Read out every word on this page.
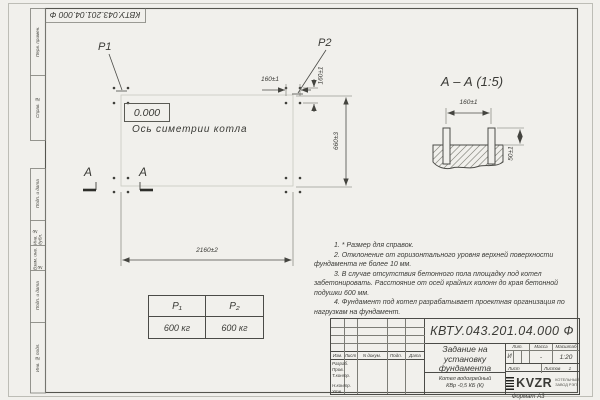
КВТУ.043.201.04.000 Ф
Перв. примен.
Справ. №
Подп. и дата
Инв. № дубл.
Взам. инв. №
Подп. и дата
Инв. № подл.
P1	P2
0.000
Ось симетрии котла
160±1	160±1
660±3
2160±2
А	А
А – А (1:5)
160±1
50±1

1. * Размер для справок.

2. Отклонение от горизонтального уровня верхней поверхности фундамента не более 10 мм.

3. В случае отсутствия бетонного пола площадку под котел забетонировать. Расстояние от осей крайних колонн до края бетонной подушки 600 мм.

4. Фундамент под котел разрабатывает проектная организация по нагрузкам на фундамент.

P₁	P₂
600 кг	600 кг
Изм. Лист	N докум.	Подп.	Дата
Разраб.
Пров.
Т.контр.
Н.контр.
Утв.
КВТУ.043.201.04.000 Ф
Задание на
установку
фундамента
Котел водогрейный
КВр -0,5 КБ (К)
Лит.	Масса	Масштаб
И	-	1:20
Лист	Листов 1
KVZR КОТЕЛЬНЫЙ
ЗАВОД РЭП
Формат А3
